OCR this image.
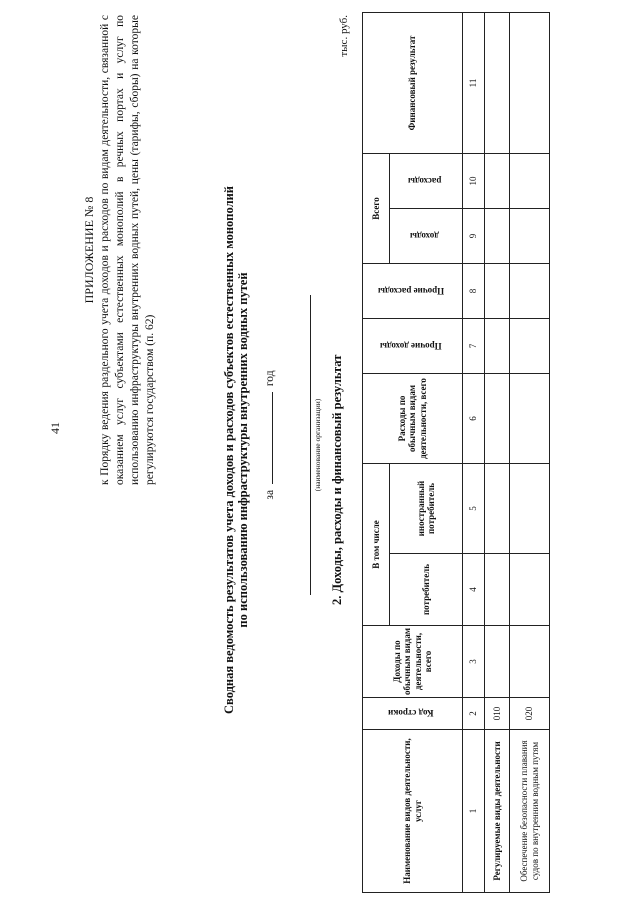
41
ПРИЛОЖЕНИЕ № 8 к Порядку ведения раздельного учета доходов и расходов по видам деятельности, связанной с оказанием услуг субъектами естественных монополий в речных портах и услуг по использованию инфраструктуры внутренних водных путей, цены (тарифы, сборы) на которые регулируются государством (п. 62)	Сводная ведомость результатов учета доходов и расходов субъектов естественных монополий по использованию инфраструктуры внутренних водных путей за  год
(наименование организации) 2. Доходы, расходы и финансовый результат
тыс. руб.
Наименование видов деятельности, услуг	Код строки	Доходы по обычным видам деятельности, всего	В том числе		Расходы по обычным видам деятельности, всего	Прочие доходы	Прочие расходы	Всего		Финансовый результат
			потребитель	иностранный потребитель				доходы	расходы	

1	2	3	4	5	6	7	8	9	10	11
Регулируемые виды деятельности	010									
Обеспечение безопасности плавания судов по внутренним водным путям	020									
